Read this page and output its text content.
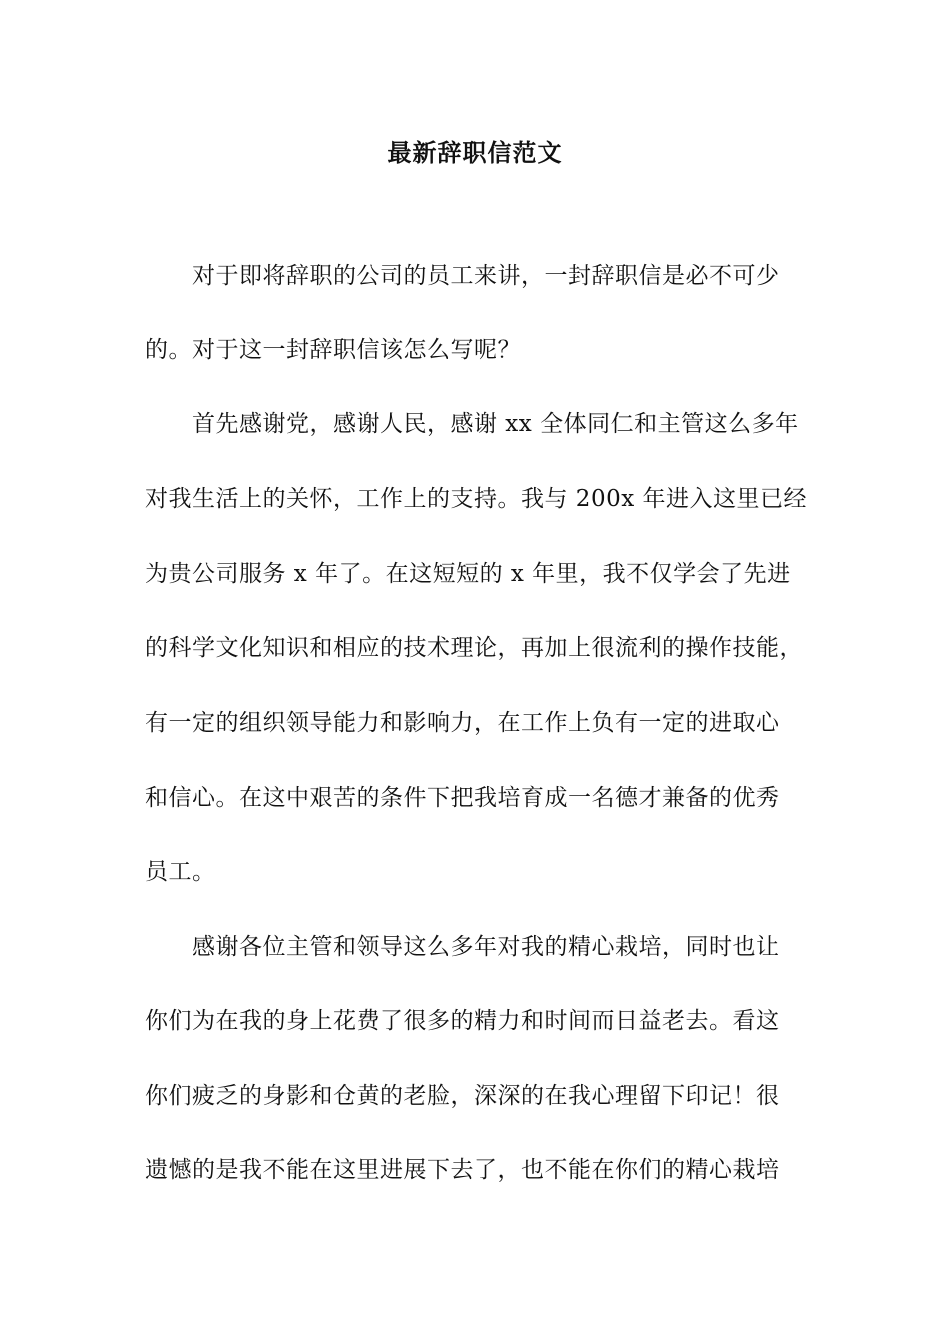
最新辞职信范文
　　对于即将辞职的公司的员工来讲，一封辞职信是必不可少
的。对于这一封辞职信该怎么写呢？
　　首先感谢党，感谢人民，感谢 xx 全体同仁和主管这么多年
对我生活上的关怀，工作上的支持。我与 200x 年进入这里已经
为贵公司服务 x 年了。在这短短的 x 年里，我不仅学会了先进
的科学文化知识和相应的技术理论，再加上很流利的操作技能，
有一定的组织领导能力和影响力，在工作上负有一定的进取心
和信心。在这中艰苦的条件下把我培育成一名德才兼备的优秀
员工。
　　感谢各位主管和领导这么多年对我的精心栽培，同时也让
你们为在我的身上花费了很多的精力和时间而日益老去。看这
你们疲乏的身影和仓黄的老脸，深深的在我心理留下印记！很
遗憾的是我不能在这里进展下去了，也不能在你们的精心栽培
